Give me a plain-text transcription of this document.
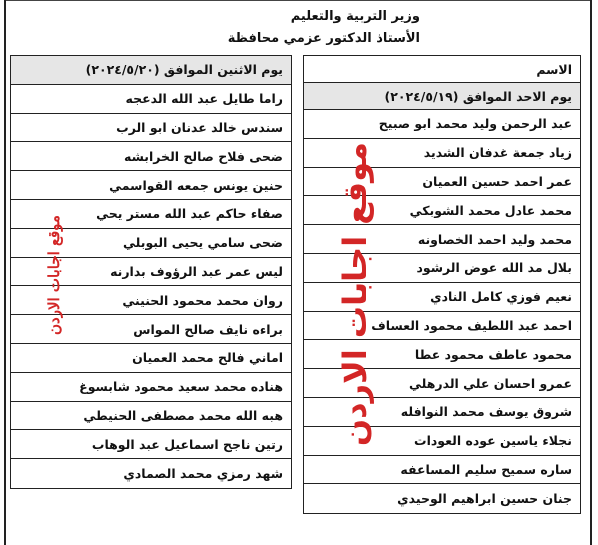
وزير التربية والتعليم
الأستاذ الدكتور عزمي محافظة
يوم الاثنين الموافق (٢٠٢٤/٥/٢٠)
راما طايل عبد الله الدعجه
سندس خالد عدنان ابو الرب
ضحى فلاح صالح الخرابشه
حنين يونس جمعه القواسمي
صفاء حاكم عبد الله مستر يحي
ضحى سامي يحيى البوبلي
ليس عمر عبد الرؤوف بدارنه
روان محمد محمود الحنيني
براءه نايف صالح المواس
اماني فالح محمد العميان
هناده محمد سعيد محمود شابسوغ
هبه الله محمد مصطفى الحنيطي
رتين ناجح اسماعيل عبد الوهاب
شهد رمزي محمد الصمادي
الاسم
يوم الاحد الموافق (٢٠٢٤/٥/١٩)
عبد الرحمن وليد محمد ابو صبيح
زياد جمعة غدفان الشديد
عمر احمد حسين العميان
محمد عادل محمد الشوبكي
محمد وليد احمد الخصاونه
بلال مد الله عوض الرشود
نعيم فوزي كامل النادي
احمد عبد اللطيف محمود العساف
محمود عاطف محمود عطا
عمرو احسان علي الدرهلي
شروق يوسف محمد النوافله
نجلاء ياسين عوده العودات
ساره سميح سليم المساعفه
جنان حسين ابراهيم الوحيدي
موقع اجابات الاردن
موقع اجابات الاردن
